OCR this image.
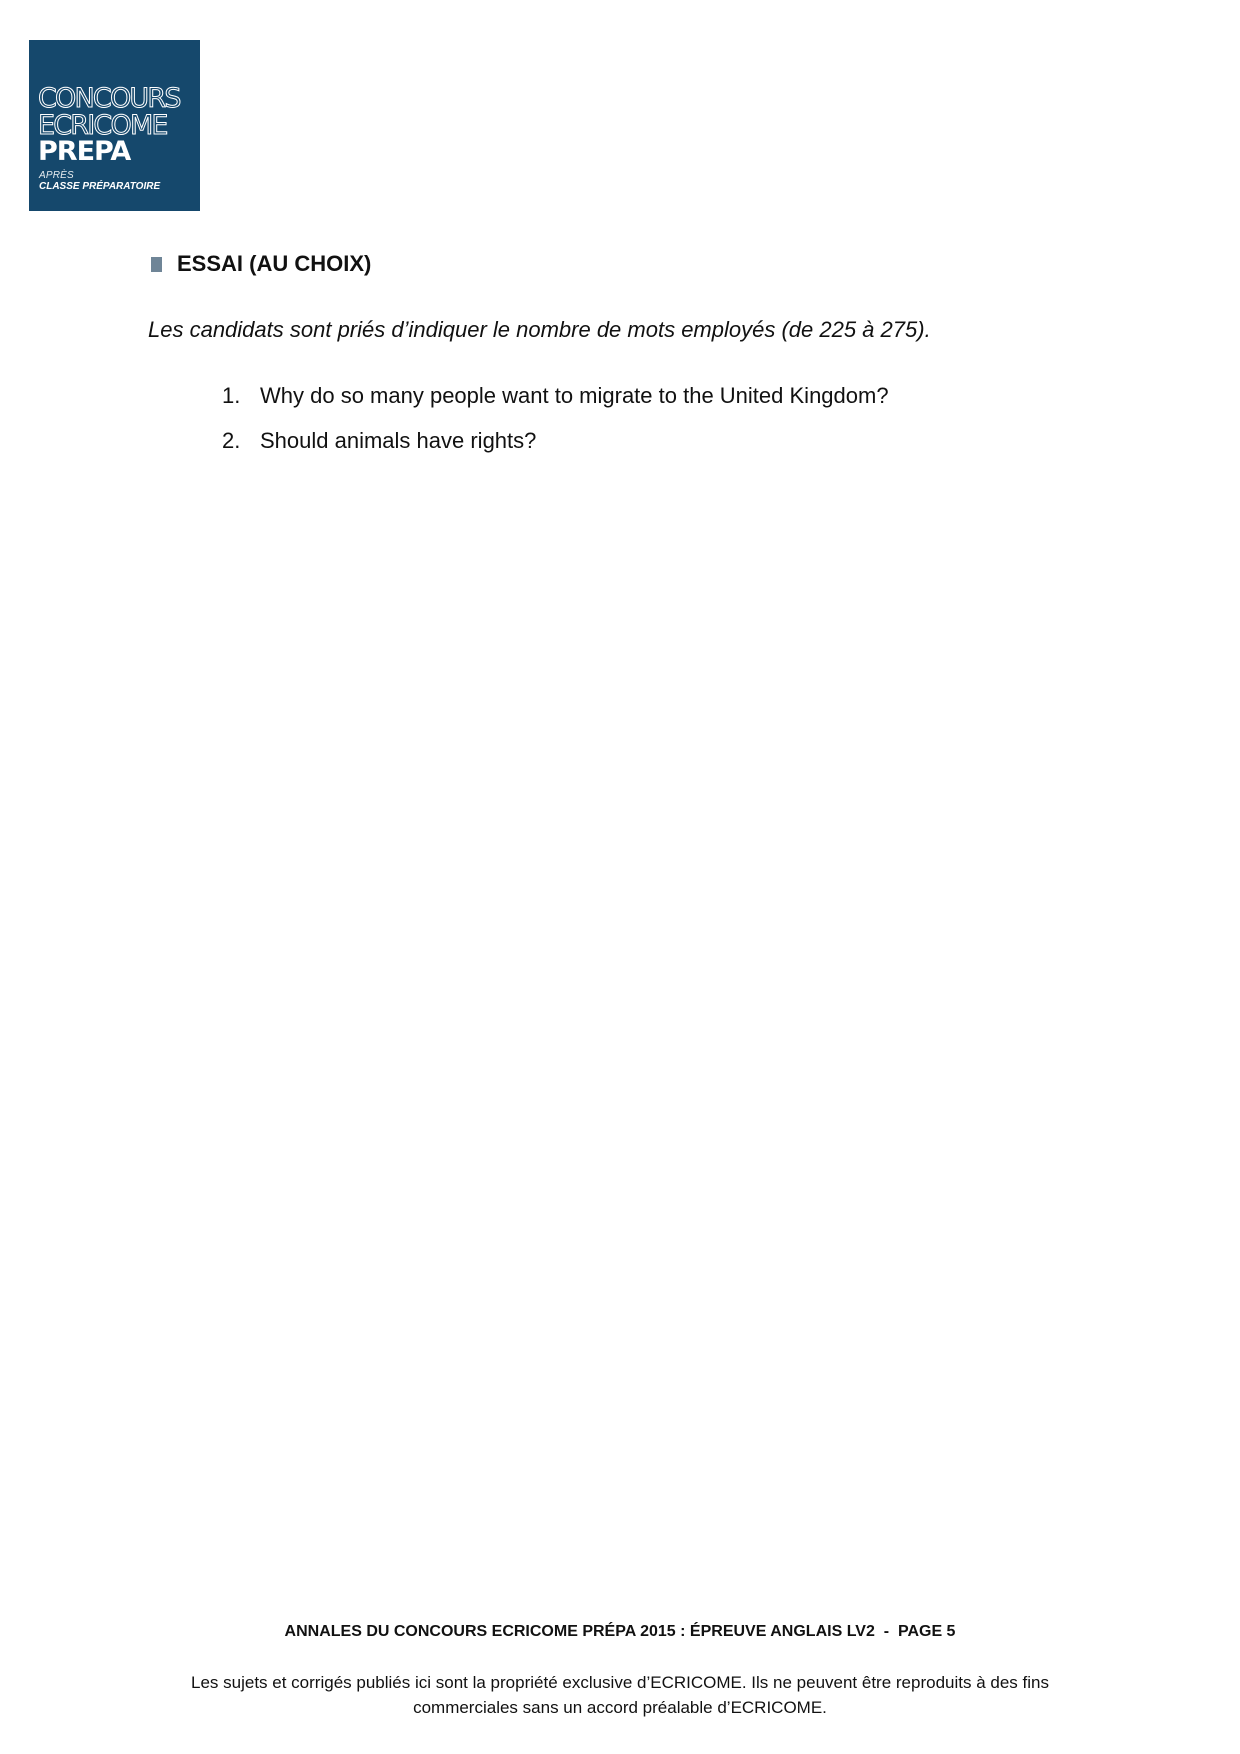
CONCOURS
ECRICOME
PREPA
APRÈS
CLASSE PRÉPARATOIRE
ESSAI (AU CHOIX)
Les candidats sont priés d’indiquer le nombre de mots employés (de 225 à 275).
1. Why do so many people want to migrate to the United Kingdom?
2. Should animals have rights?
ANNALES DU CONCOURS ECRICOME PRÉPA 2015 : ÉPREUVE ANGLAIS LV2  -  PAGE 5
Les sujets et corrigés publiés ici sont la propriété exclusive d’ECRICOME. Ils ne peuvent être reproduits à des fins commerciales sans un accord préalable d’ECRICOME.
